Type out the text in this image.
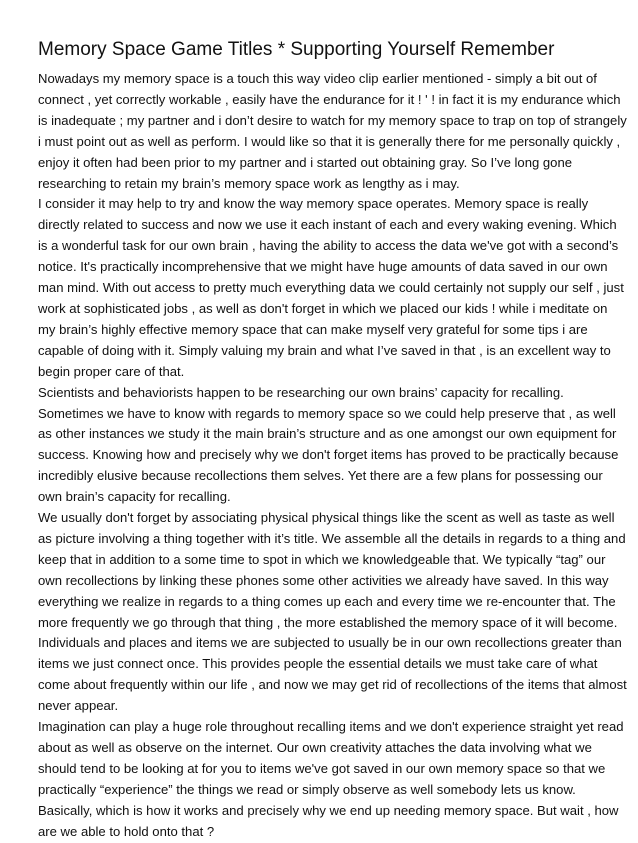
Memory Space Game Titles * Supporting Yourself Remember

Nowadays my memory space is a touch this way video clip earlier mentioned - simply a bit out of
connect , yet correctly workable , easily have the endurance for it ! ' ! in fact it is my endurance which
is inadequate ; my partner and i don’t desire to watch for my memory space to trap on top of strangely
i must point out as well as perform. I would like so that it is generally there for me personally quickly ,
enjoy it often had been prior to my partner and i started out obtaining gray. So I’ve long gone
researching to retain my brain’s memory space work as lengthy as i may.

I consider it may help to try and know the way memory space operates. Memory space is really
directly related to success and now we use it each instant of each and every waking evening. Which
is a wonderful task for our own brain , having the ability to access the data we've got with a second’s
notice. It's practically incomprehensive that we might have huge amounts of data saved in our own
man mind. With out access to pretty much everything data we could certainly not supply our self , just
work at sophisticated jobs , as well as don't forget in which we placed our kids ! while i meditate on
my brain’s highly effective memory space that can make myself very grateful for some tips i are
capable of doing with it. Simply valuing my brain and what I’ve saved in that , is an excellent way to
begin proper care of that.

Scientists and behaviorists happen to be researching our own brains’ capacity for recalling.
Sometimes we have to know with regards to memory space so we could help preserve that , as well
as other instances we study it the main brain’s structure and as one amongst our own equipment for
success. Knowing how and precisely why we don't forget items has proved to be practically because
incredibly elusive because recollections them selves. Yet there are a few plans for possessing our
own brain’s capacity for recalling.

We usually don't forget by associating physical physical things like the scent as well as taste as well
as picture involving a thing together with it’s title. We assemble all the details in regards to a thing and
keep that in addition to a some time to spot in which we knowledgeable that. We typically “tag” our
own recollections by linking these phones some other activities we already have saved. In this way
everything we realize in regards to a thing comes up each and every time we re-encounter that. The
more frequently we go through that thing , the more established the memory space of it will become.
Individuals and places and items we are subjected to usually be in our own recollections greater than
items we just connect once. This provides people the essential details we must take care of what
come about frequently within our life , and now we may get rid of recollections of the items that almost
never appear.

Imagination can play a huge role throughout recalling items and we don't experience straight yet read
about as well as observe on the internet. Our own creativity attaches the data involving what we
should tend to be looking at for you to items we've got saved in our own memory space so that we
practically “experience” the things we read or simply observe as well somebody lets us know.
Basically, which is how it works and precisely why we end up needing memory space. But wait , how
are we able to hold onto that ?
